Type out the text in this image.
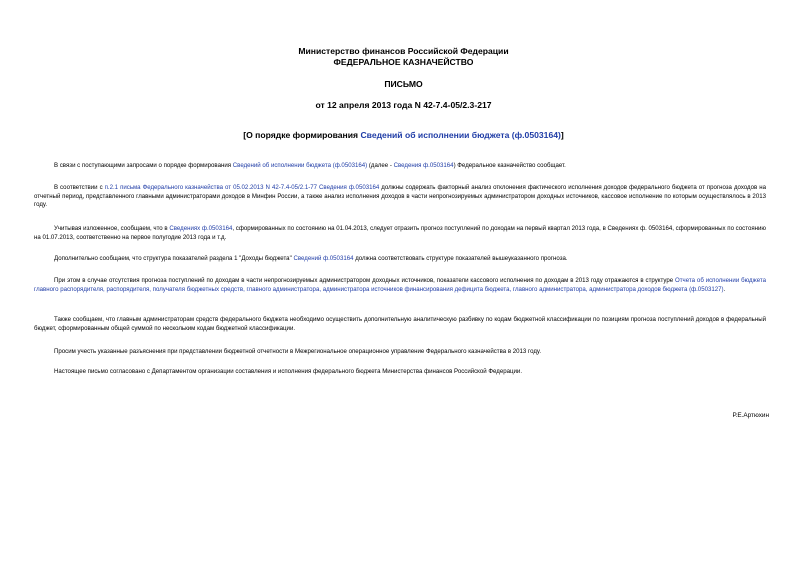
Министерство финансов Российской Федерации
ФЕДЕРАЛЬНОЕ КАЗНАЧЕЙСТВО
ПИСЬМО
от 12 апреля 2013 года N 42-7.4-05/2.3-217
[О порядке формирования Сведений об исполнении бюджета (ф.0503164)]
В связи с поступающими запросами о порядке формирования Сведений об исполнении бюджета (ф.0503164) (далее - Сведения ф.0503164) Федеральное казначейство сообщает.
В соответствии с п.2.1 письма Федерального казначейства от 05.02.2013 N 42-7.4-05/2.1-77 Сведения ф.0503164 должны содержать факторный анализ отклонения фактического исполнения доходов федерального бюджета от прогноза доходов на отчетный период, представленного главными администраторами доходов в Минфин России, а также анализ исполнения доходов в части непрогнозируемых администратором доходных источников, кассовое исполнение по которым осуществлялось в 2013 году.
Учитывая изложенное, сообщаем, что в Сведениях ф.0503164, сформированных по состоянию на 01.04.2013, следует отразить прогноз поступлений по доходам на первый квартал 2013 года, в Сведениях ф. 0503164, сформированных по состоянию на 01.07.2013, соответственно на первое полугодие 2013 года и т.д.
Дополнительно сообщаем, что структура показателей раздела 1 "Доходы бюджета" Сведений ф.0503164 должна соответствовать структуре показателей вышеуказанного прогноза.
При этом в случае отсутствия прогноза поступлений по доходам в части непрогнозируемых администратором доходных источников, показатели кассового исполнения по доходам в 2013 году отражаются в структуре Отчета об исполнении бюджета главного распорядителя, распорядителя, получателя бюджетных средств, главного администратора, администратора источников финансирования дефицита бюджета, главного администратора, администратора доходов бюджета (ф.0503127).
Также сообщаем, что главным администраторам средств федерального бюджета необходимо осуществить дополнительную аналитическую разбивку по кодам бюджетной классификации по позициям прогноза поступлений доходов в федеральный бюджет, сформированным общей суммой по нескольким кодам бюджетной классификации.
Просим учесть указанные разъяснения при представлении бюджетной отчетности в Межрегиональное операционное управление Федерального казначейства в 2013 году.
Настоящее письмо согласовано с Департаментом организации составления и исполнения федерального бюджета Министерства финансов Российской Федерации.
Р.Е.Артюхин
